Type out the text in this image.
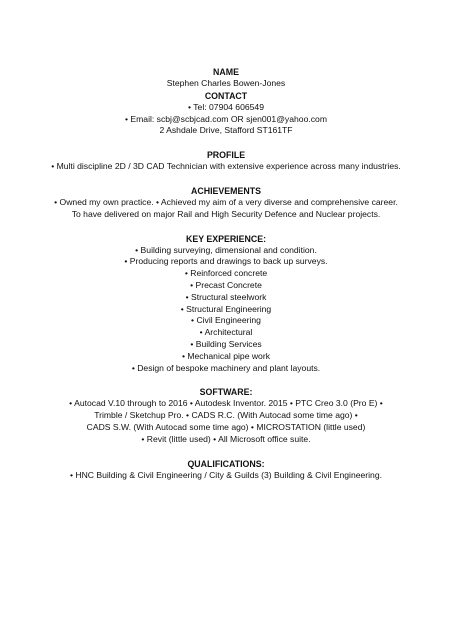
NAME
Stephen Charles Bowen-Jones
CONTACT
• Tel: 07904 606549
• Email: scbj@scbjcad.com OR sjen001@yahoo.com
2 Ashdale Drive, Stafford ST161TF
PROFILE
• Multi discipline 2D / 3D CAD Technician with extensive experience across many industries.
ACHIEVEMENTS
• Owned my own practice. • Achieved my aim of a very diverse and comprehensive career.
To have delivered on major Rail and High Security Defence and Nuclear projects.
KEY EXPERIENCE:
• Building surveying, dimensional and condition.
• Producing reports and drawings to back up surveys.
• Reinforced concrete
• Precast Concrete
• Structural steelwork
• Structural Engineering
• Civil Engineering
• Architectural
• Building Services
• Mechanical pipe work
• Design of bespoke machinery and plant layouts.
SOFTWARE:
• Autocad V.10 through to 2016 • Autodesk Inventor. 2015 • PTC Creo 3.0 (Pro E) •
Trimble / Sketchup Pro. • CADS R.C. (With Autocad some time ago) •
CADS S.W. (With Autocad some time ago) • MICROSTATION (little used)
• Revit (little used) • All Microsoft office suite.
QUALIFICATIONS:
• HNC Building & Civil Engineering / City & Guilds (3) Building & Civil Engineering.
